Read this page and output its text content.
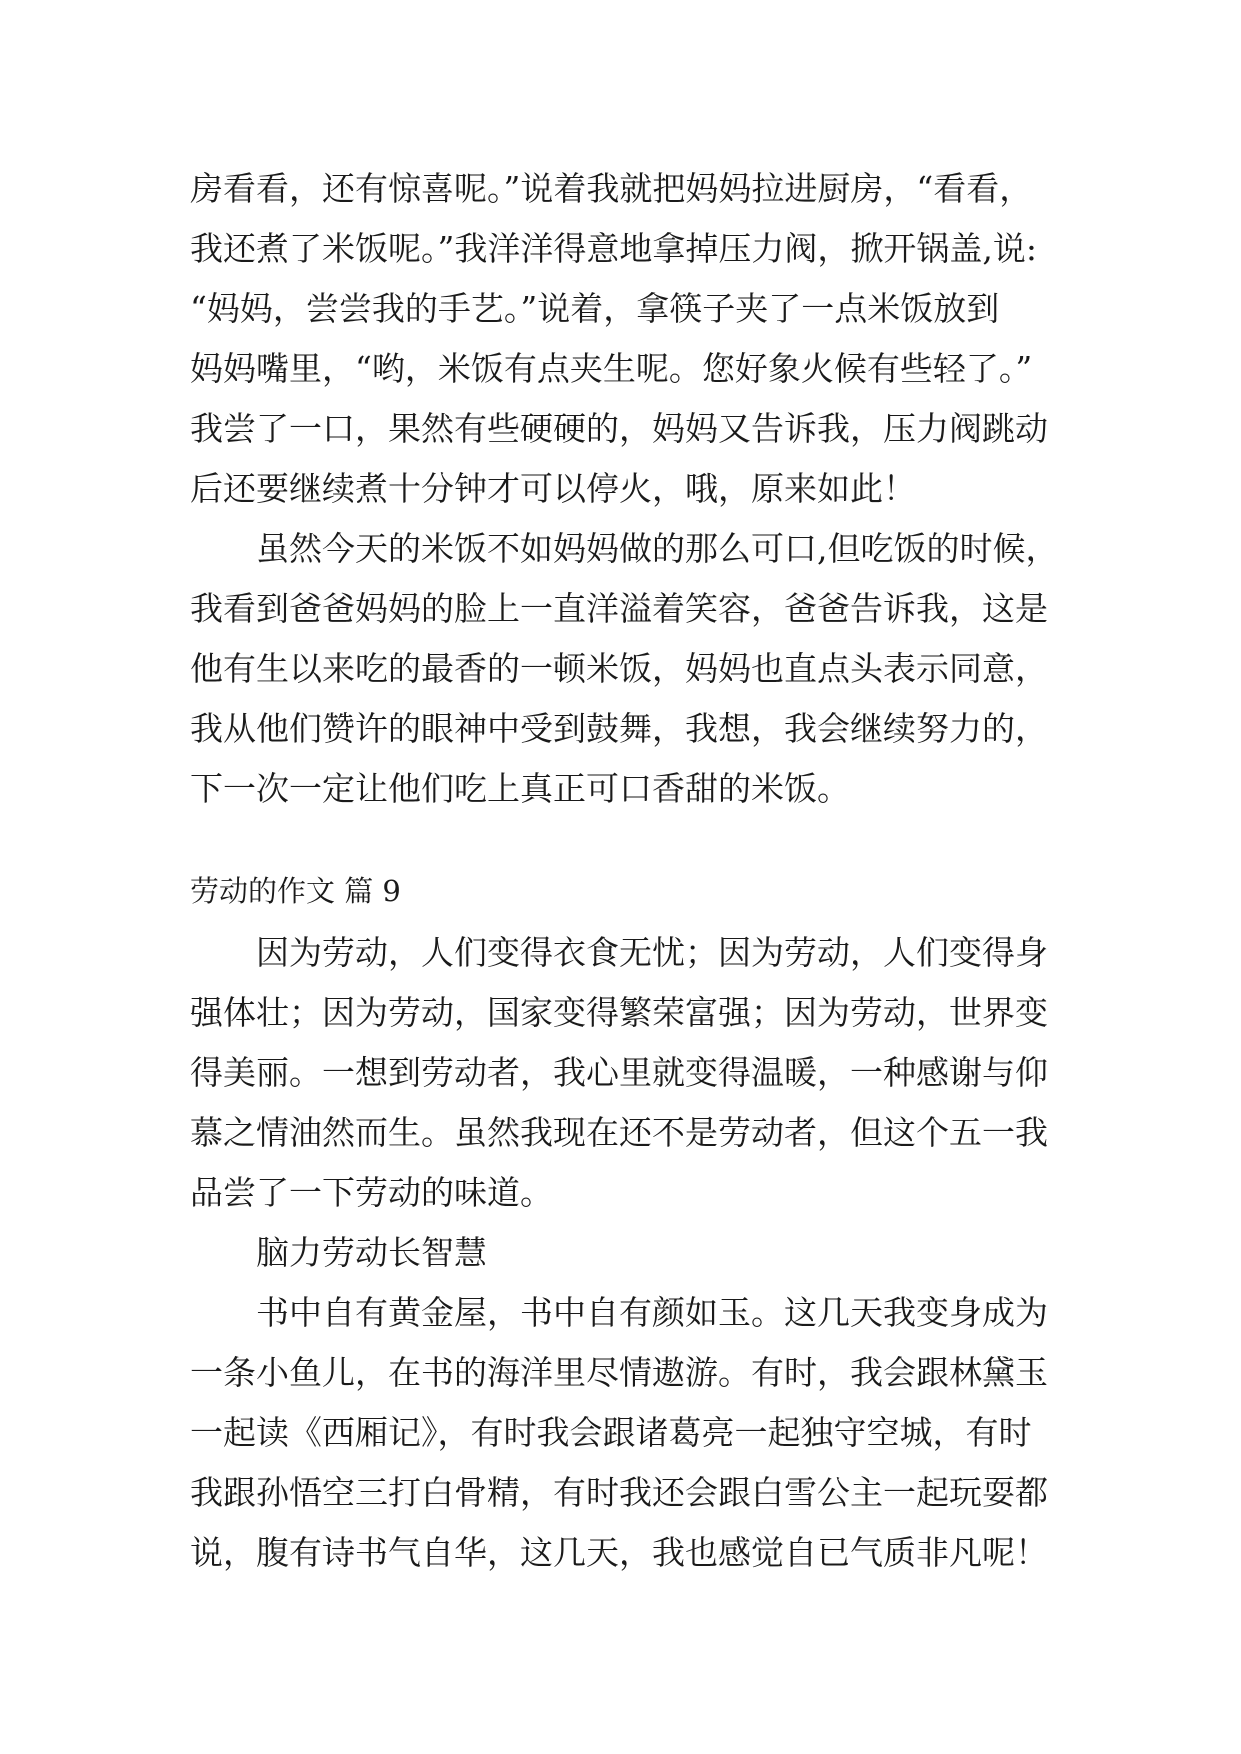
房看看，还有惊喜呢。”说着我就把妈妈拉进厨房，“看看，
我还煮了米饭呢。”我洋洋得意地拿掉压力阀，掀开锅盖,说:
“妈妈，尝尝我的手艺。”说着，拿筷子夹了一点米饭放到
妈妈嘴里，“哟，米饭有点夹生呢。您好象火候有些轻了。”
我尝了一口，果然有些硬硬的，妈妈又告诉我，压力阀跳动
后还要继续煮十分钟才可以停火，哦，原来如此！
虽然今天的米饭不如妈妈做的那么可口,但吃饭的时候，
我看到爸爸妈妈的脸上一直洋溢着笑容，爸爸告诉我，这是
他有生以来吃的最香的一顿米饭，妈妈也直点头表示同意，
我从他们赞许的眼神中受到鼓舞，我想，我会继续努力的，
下一次一定让他们吃上真正可口香甜的米饭。
劳动的作文 篇 9
因为劳动，人们变得衣食无忧；因为劳动，人们变得身
强体壮；因为劳动，国家变得繁荣富强；因为劳动，世界变
得美丽。一想到劳动者，我心里就变得温暖，一种感谢与仰
慕之情油然而生。虽然我现在还不是劳动者，但这个五一我
品尝了一下劳动的味道。
脑力劳动长智慧
书中自有黄金屋，书中自有颜如玉。这几天我变身成为
一条小鱼儿，在书的海洋里尽情遨游。有时，我会跟林黛玉
一起读《西厢记》，有时我会跟诸葛亮一起独守空城，有时
我跟孙悟空三打白骨精，有时我还会跟白雪公主一起玩耍都
说，腹有诗书气自华，这几天，我也感觉自已气质非凡呢！
